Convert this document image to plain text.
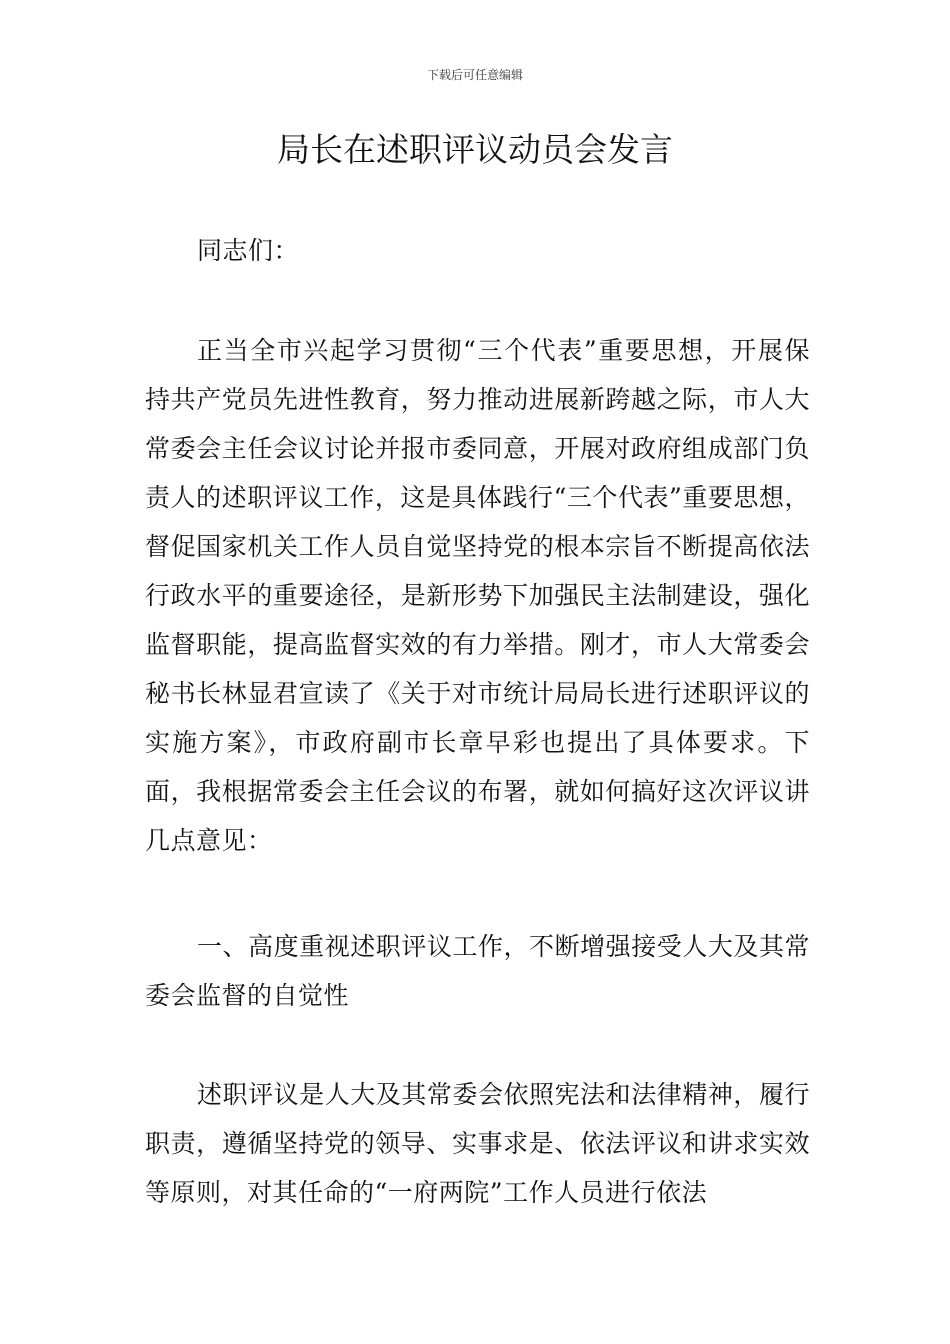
下载后可任意编辑
局长在述职评议动员会发言

同志们：

正当全市兴起学习贯彻“三个代表”重要思想，开展保持共产党员先进性教育，努力推动进展新跨越之际，市人大常委会主任会议讨论并报市委同意，开展对政府组成部门负责人的述职评议工作，这是具体践行“三个代表”重要思想，督促国家机关工作人员自觉坚持党的根本宗旨不断提高依法行政水平的重要途径，是新形势下加强民主法制建设，强化监督职能，提高监督实效的有力举措。刚才，市人大常委会秘书长林显君宣读了《关于对市统计局局长进行述职评议的实施方案》，市政府副市长章早彩也提出了具体要求。下面，我根据常委会主任会议的布署，就如何搞好这次评议讲几点意见：

一、高度重视述职评议工作，不断增强接受人大及其常委会监督的自觉性

述职评议是人大及其常委会依照宪法和法律精神，履行职责，遵循坚持党的领导、实事求是、依法评议和讲求实效等原则，对其任命的“一府两院”工作人员进行依法
